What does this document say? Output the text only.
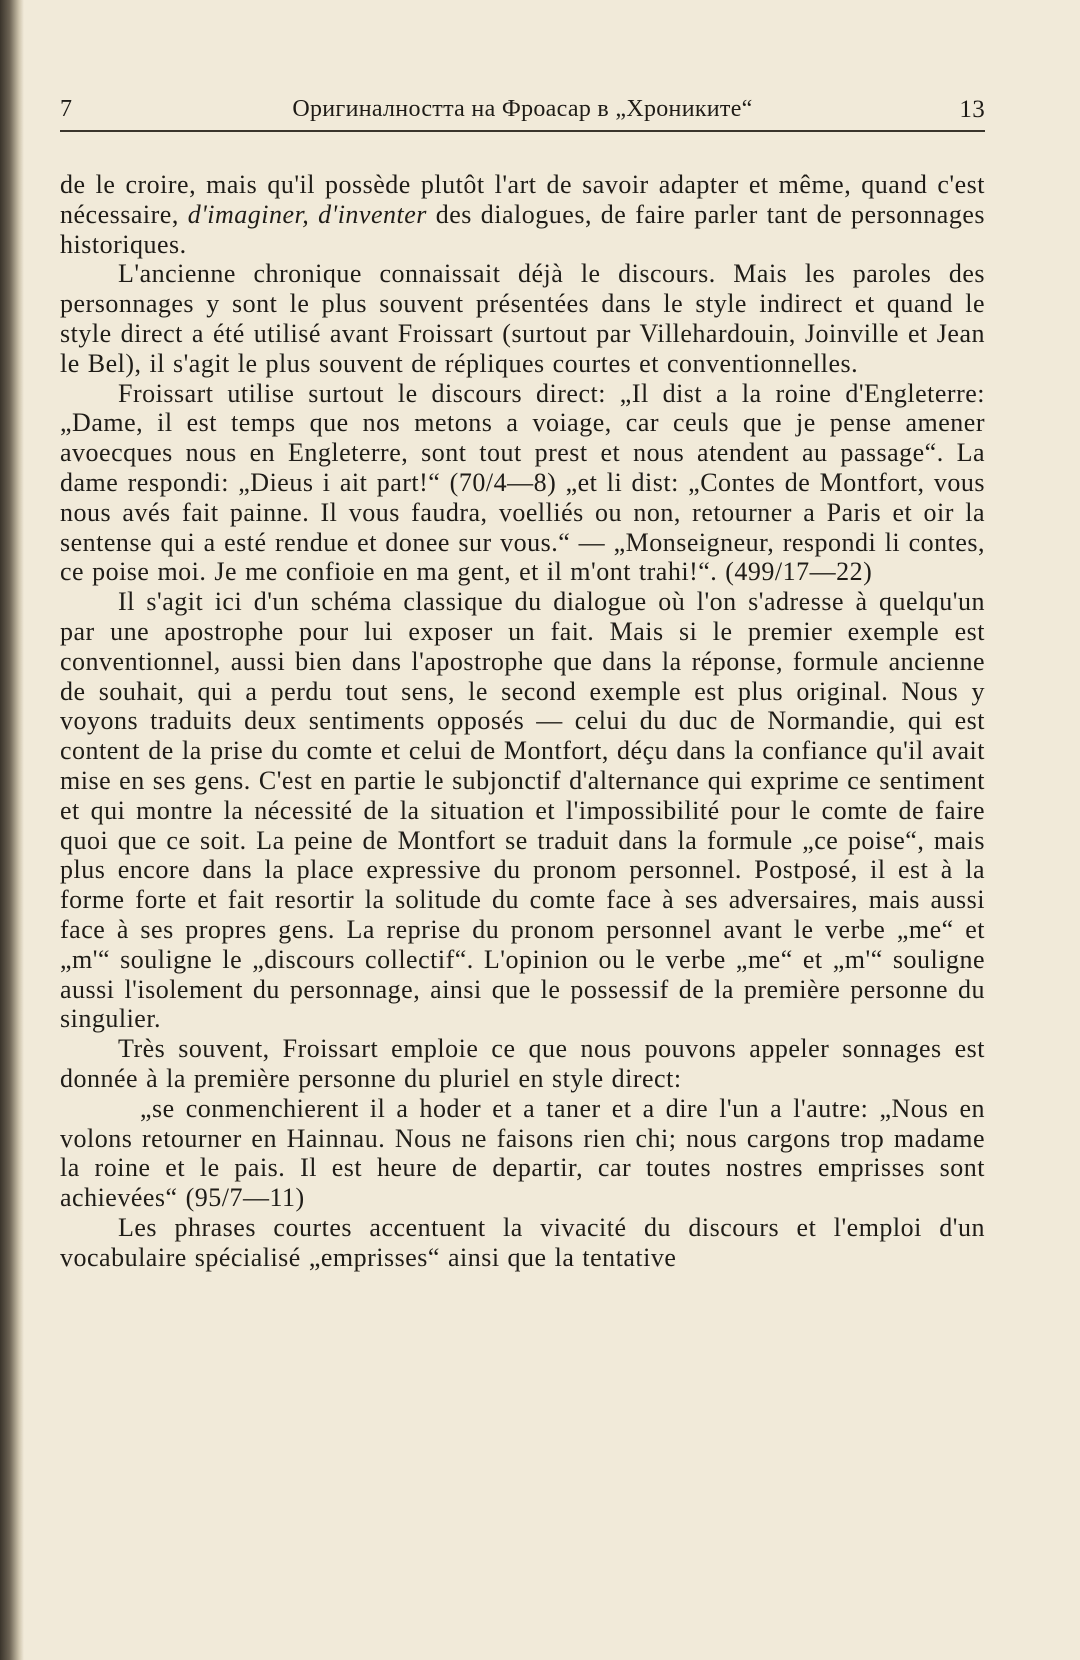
7	Оригиналността на Фроасар в „Хрониките“	13

de le croire, mais qu'il possède plutôt l'art de savoir adapter et même, quand c'est nécessaire, d'imaginer, d'inventer des dialogues, de faire parler tant de personnages historiques.

L'ancienne chronique connaissait déjà le discours. Mais les paroles des personnages y sont le plus souvent présentées dans le style indirect et quand le style direct a été utilisé avant Froissart (surtout par Villehardouin, Joinville et Jean le Bel), il s'agit le plus souvent de répliques courtes et conventionnelles.

Froissart utilise surtout le discours direct: „Il dist a la roine d'Engleterre: „Dame, il est temps que nos metons a voiage, car ceuls que je pense amener avoecques nous en Engleterre, sont tout prest et nous atendent au passage“. La dame respondi: „Dieus i ait part!“ (70/4—8) „et li dist: „Contes de Montfort, vous nous avés fait painne. Il vous faudra, voelliés ou non, retourner a Paris et oir la sentense qui a esté rendue et donee sur vous.“ — „Monseigneur, respondi li contes, ce poise moi. Je me confioie en ma gent, et il m'ont trahi!“. (499/17—22)

Il s'agit ici d'un schéma classique du dialogue où l'on s'adresse à quelqu'un par une apostrophe pour lui exposer un fait. Mais si le premier exemple est conventionnel, aussi bien dans l'apostrophe que dans la réponse, formule ancienne de souhait, qui a perdu tout sens, le second exemple est plus original. Nous y voyons traduits deux sentiments opposés — celui du duc de Normandie, qui est content de la prise du comte et celui de Montfort, déçu dans la confiance qu'il avait mise en ses gens. C'est en partie le subjonctif d'alternance qui exprime ce sentiment et qui montre la nécessité de la situation et l'impossibilité pour le comte de faire quoi que ce soit. La peine de Montfort se traduit dans la formule „ce poise“, mais plus encore dans la place expressive du pronom personnel. Postposé, il est à la forme forte et fait resortir la solitude du comte face à ses adversaires, mais aussi face à ses propres gens. La reprise du pronom personnel avant le verbe „me“ et „m'“ souligne le „discours collectif“. L'opinion ou le verbe „me“ et „m'“ souligne aussi l'isolement du personnage, ainsi que le possessif de la première personne du singulier.

Très souvent, Froissart emploie ce que nous pouvons appeler sonnages est donnée à la première personne du pluriel en style direct:

„se conmenchierent il a hoder et a taner et a dire l'un a l'autre: „Nous en volons retourner en Hainnau. Nous ne faisons rien chi; nous cargons trop madame la roine et le pais. Il est heure de departir, car toutes nostres emprisses sont achievées“ (95/7—11)

Les phrases courtes accentuent la vivacité du discours et l'emploi d'un vocabulaire spécialisé „emprisses“ ainsi que la tentative
